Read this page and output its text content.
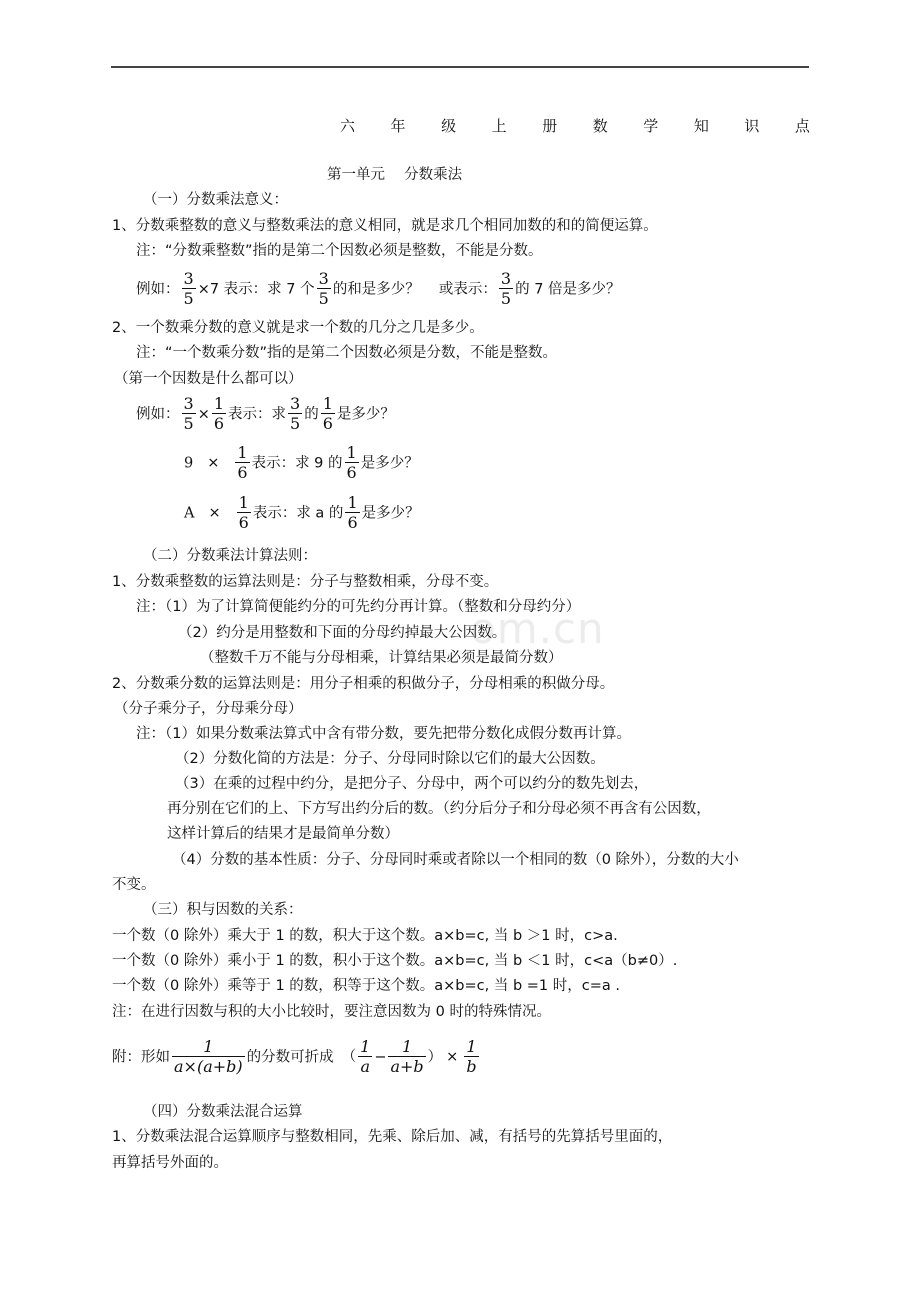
六 年 级 上 册 数 学 知 识 点
第一单元　 分数乘法
om.cn
（一）分数乘法意义：
1、分数乘整数的意义与整数乘法的意义相同，就是求几个相同加数的和的简便运算。
注：“分数乘整数”指的是第二个因数必须是整数，不能是分数。
例如： $\frac{3}{5} \times 7$ 表示：求 7 个 $\frac{3}{5}$ 的和是多少？　 或表示： $\frac{3}{5}$ 的 7 倍是多少？
2、一个数乘分数的意义就是求一个数的几分之几是多少。
注：“一个数乘分数”指的是第二个因数必须是分数，不能是整数。
（第一个因数是什么都可以）
例如： $\frac{3}{5} \times \frac{1}{6}$ 表示：求 $\frac{3}{5}$ 的 $\frac{1}{6}$ 是多少？
$9 \times \frac{1}{6}$ 表示：求 9 的 $\frac{1}{6}$ 是多少？
$A \times \frac{1}{6}$ 表示：求 a 的 $\frac{1}{6}$ 是多少？
（二）分数乘法计算法则：
1、分数乘整数的运算法则是：分子与整数相乘，分母不变。
注：（1）为了计算简便能约分的可先约分再计算。（整数和分母约分）
（2）约分是用整数和下面的分母约掉最大公因数。
（整数千万不能与分母相乘，计算结果必须是最简分数）
2、分数乘分数的运算法则是：用分子相乘的积做分子，分母相乘的积做分母。
（分子乘分子，分母乘分母）
注：（1）如果分数乘法算式中含有带分数，要先把带分数化成假分数再计算。
（2）分数化简的方法是：分子、分母同时除以它们的最大公因数。
（3）在乘的过程中约分，是把分子、分母中，两个可以约分的数先划去，
再分别在它们的上、下方写出约分后的数。（约分后分子和分母必须不再含有公因数，
这样计算后的结果才是最简单分数）
（4）分数的基本性质：分子、分母同时乘或者除以一个相同的数（0 除外），分数的大小
不变。
（三）积与因数的关系：
一个数（0 除外）乘大于 1 的数，积大于这个数。a×b=c, 当 b ＞1 时，c>a.
一个数（0 除外）乘小于 1 的数，积小于这个数。a×b=c, 当 b ＜1 时，c<a（b≠0）.
一个数（0 除外）乘等于 1 的数，积等于这个数。a×b=c, 当 b =1 时，c=a .
注：在进行因数与积的大小比较时，要注意因数为 0 时的特殊情况。
附：形如 $\frac{1}{a\times(a+b)}$ 的分数可折成 （ $\frac{1}{a} - \frac{1}{a+b}$ ） × $\frac{1}{b}$
（四）分数乘法混合运算
1、分数乘法混合运算顺序与整数相同，先乘、除后加、减，有括号的先算括号里面的，
再算括号外面的。
